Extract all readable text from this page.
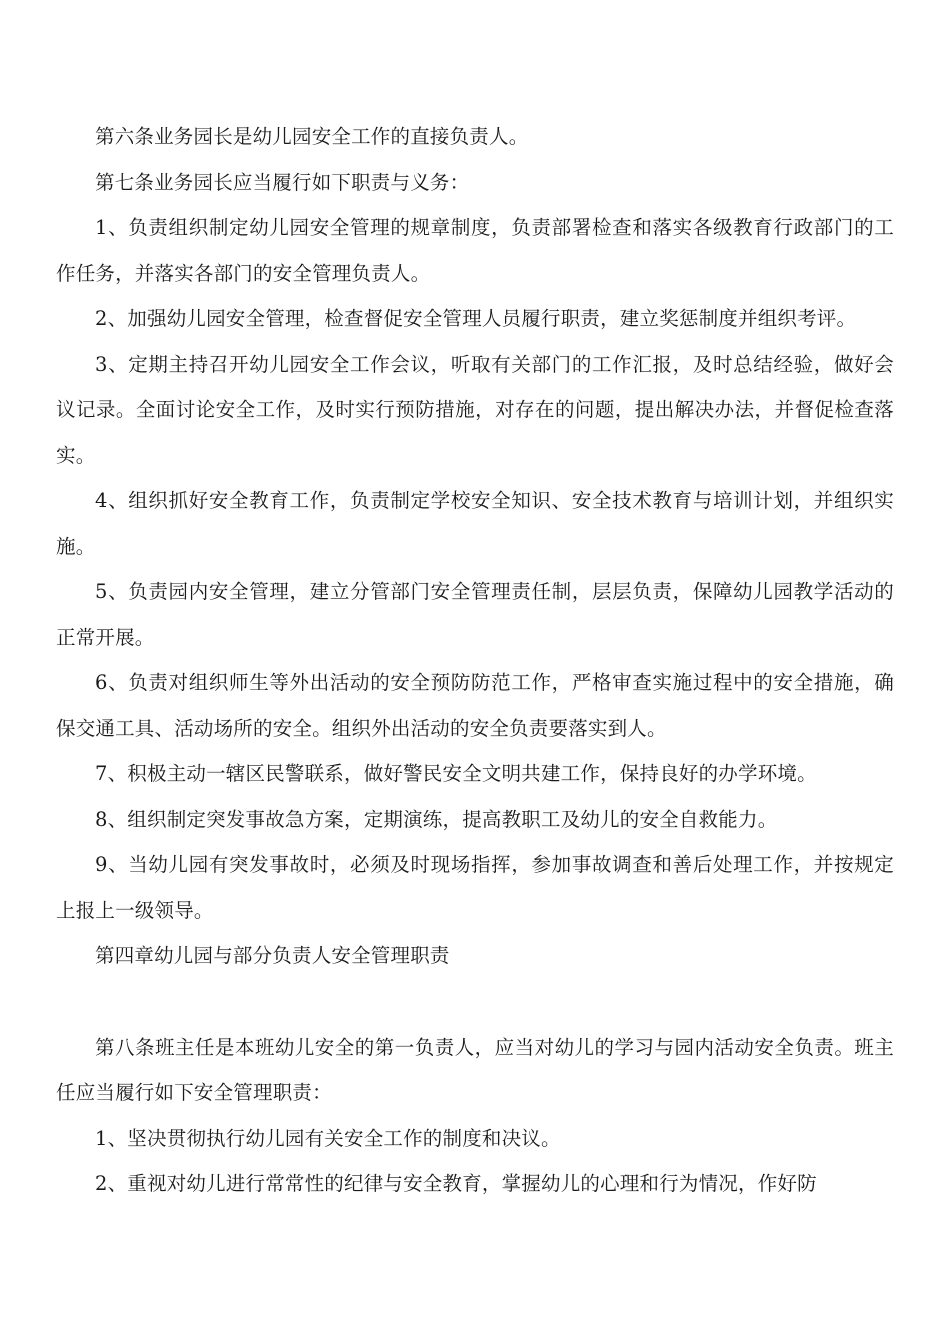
第六条业务园长是幼儿园安全工作的直接负责人。

第七条业务园长应当履行如下职责与义务：

1、负责组织制定幼儿园安全管理的规章制度，负责部署检查和落实各级教育行政部门的工作任务，并落实各部门的安全管理负责人。

2、加强幼儿园安全管理，检查督促安全管理人员履行职责，建立奖惩制度并组织考评。

3、定期主持召开幼儿园安全工作会议，听取有关部门的工作汇报，及时总结经验，做好会议记录。全面讨论安全工作，及时实行预防措施，对存在的问题，提出解决办法，并督促检查落实。

4、组织抓好安全教育工作，负责制定学校安全知识、安全技术教育与培训计划，并组织实施。

5、负责园内安全管理，建立分管部门安全管理责任制，层层负责，保障幼儿园教学活动的正常开展。

6、负责对组织师生等外出活动的安全预防防范工作，严格审查实施过程中的安全措施，确保交通工具、活动场所的安全。组织外出活动的安全负责要落实到人。

7、积极主动一辖区民警联系，做好警民安全文明共建工作，保持良好的办学环境。

8、组织制定突发事故急方案，定期演练，提高教职工及幼儿的安全自救能力。

9、当幼儿园有突发事故时，必须及时现场指挥，参加事故调查和善后处理工作，并按规定上报上一级领导。

第四章幼儿园与部分负责人安全管理职责

第八条班主任是本班幼儿安全的第一负责人，应当对幼儿的学习与园内活动安全负责。班主任应当履行如下安全管理职责：

1、坚决贯彻执行幼儿园有关安全工作的制度和决议。

2、重视对幼儿进行常常性的纪律与安全教育，掌握幼儿的心理和行为情况，作好防
